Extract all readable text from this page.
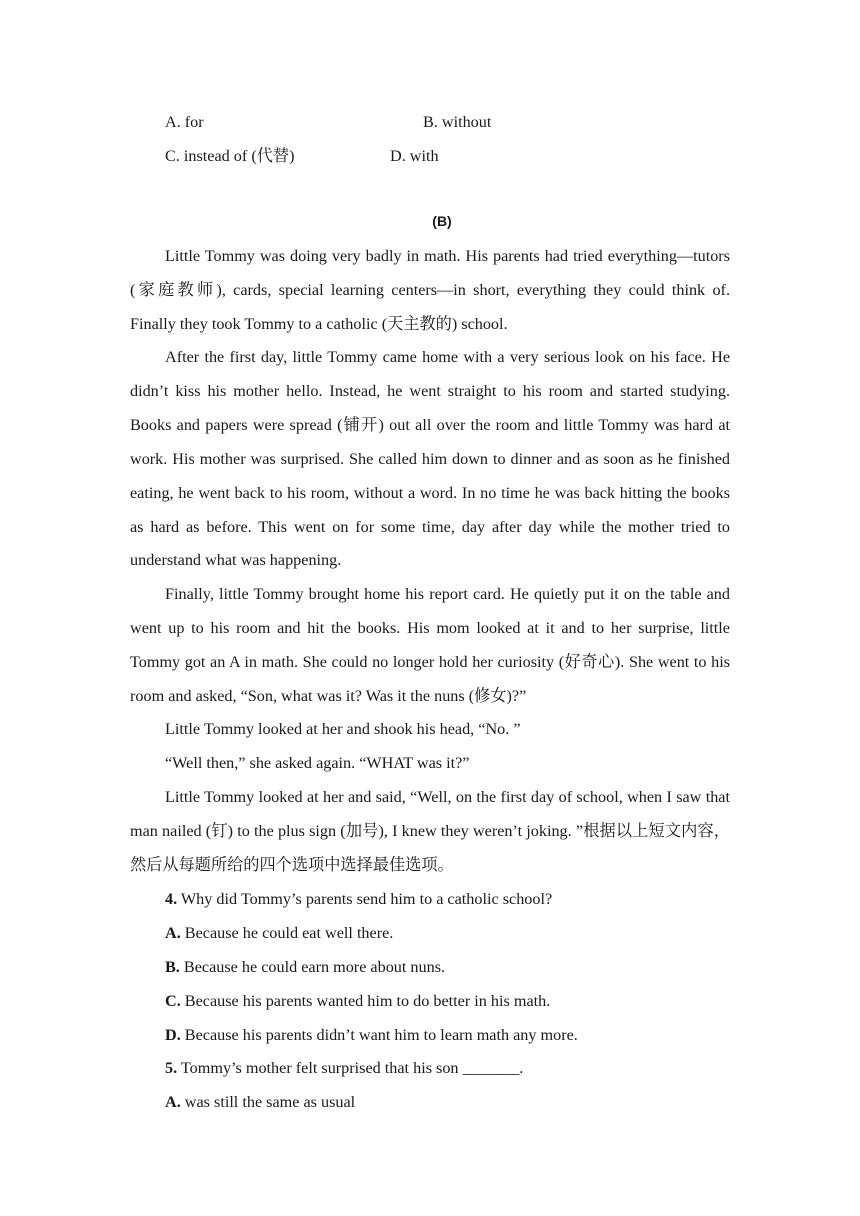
A. for	B. without
C. instead of (代替)	D. with
(B)
Little Tommy was doing very badly in math. His parents had tried everything—tutors (家庭教师), cards, special learning centers—in short, everything they could think of. Finally they took Tommy to a catholic (天主教的) school.
After the first day, little Tommy came home with a very serious look on his face. He didn’t kiss his mother hello. Instead, he went straight to his room and started studying. Books and papers were spread (铺开) out all over the room and little Tommy was hard at work. His mother was surprised. She called him down to dinner and as soon as he finished eating, he went back to his room, without a word. In no time he was back hitting the books as hard as before. This went on for some time, day after day while the mother tried to understand what was happening.
Finally, little Tommy brought home his report card. He quietly put it on the table and went up to his room and hit the books. His mom looked at it and to her surprise, little Tommy got an A in math. She could no longer hold her curiosity (好奇心). She went to his room and asked, “Son, what was it? Was it the nuns (修女)?”
Little Tommy looked at her and shook his head, “No. ”
“Well then,” she asked again. “WHAT was it?”
Little Tommy looked at her and said, “Well, on the first day of school, when I saw that man nailed (钉) to the plus sign (加号), I knew they weren’t joking. ”根据以上短文内容，然后从每题所给的四个选项中选择最佳选项。
4. Why did Tommy’s parents send him to a catholic school?
A. Because he could eat well there.
B. Because he could earn more about nuns.
C. Because his parents wanted him to do better in his math.
D. Because his parents didn’t want him to learn math any more.
5. Tommy’s mother felt surprised that his son _______.
A. was still the same as usual
